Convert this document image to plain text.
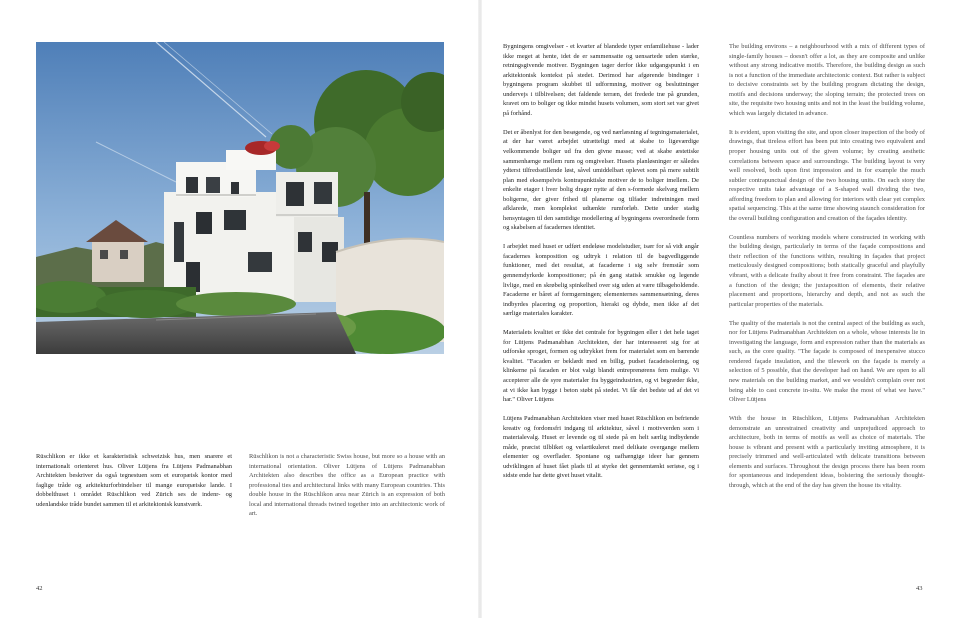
Rüschlikon er ikke et karakteristisk schweizisk hus, men snarere et internationalt orienteret hus. Oliver Lütjens fra Lütjens Padmanabhan Architekten beskriver da også tegnestuen som et europæisk kontor med faglige tråde og arkitekturforbindelser til mange europæiske lande. I dobbelthuset i området Rüschlikon ved Zürich ses de indenr- og udenlandske tråde bundet sammen til et arkitektonisk kunstværk.

Rüschlikon is not a characteristic Swiss house, but more so a house with an international orientation. Oliver Lütjens of Lütjens Padmanabhan Architekten also describes the office as a European practice with professional ties and architectural links with many European countries. This double house in the Rüschlikon area near Zürich is an expression of both local and international threads twined together into an architectonic work of art.

42

Bygningens omgivelser - et kvarter af blandede typer enfamiliehuse - lader ikke meget at hente, idet de er sammensatte og uensartede uden stærke, retningsgivende motiver. Bygningen tager derfor ikke udgangspunkt i en arkitektonisk kontekst på stedet. Derimod har afgørende bindinger i bygningens program skubbet til udformning, motiver og besluttninger undervejs i tilblivelsen; det faldende terræn, det fredede træ på grunden, kravet om to boliger og ikke mindst husets volumen, som stort set var givet på forhånd.

Det er åbenlyst for den besøgende, og ved nærlæsning af tegningsmaterialet, at der har været arbejdet utrætteligt med at skabe to ligeværdige velkommende boliger ud fra den givne masse; ved at skabe æstetiske sammenhænge mellem rum og omgivelser. Husets planløsninger er således ydterst tilfredsstillende løst, såvel umiddelbart oplevet som på mere subtilt plan med eksempelvis kontrapunktiske motiver de to boliger imellem. De enkelte etager i hver bolig drager nytte af den s-formede skelvæg mellem boligerne, der giver frihed til planerne og tilfader indretningen med afklarede, men komplekst udtænkte rumforløb. Dette under stadig hensyntagen til den samtidige modellering af bygningens overordnede form og skabelsen af facadernes identitet.

I arbejdet med huset er udført endeløse modelstudier, især for så vidt angår facadernes komposition og udtryk i relation til de bagvedliggende funktioner, med det resultat, at facaderne i sig selv fremstår som gennemdyrkede kompositioner; på én gang statisk smukke og legende livlige, med en skrøbelig spinkelhed over sig uden at være tilbageholdende. Facaderne er båret af formgerningen; elementernes sammensætning, deres indbyrdes placering og proportion, hieraki og dybde, men ikke af det særlige materiales karakter.

Materialets kvalitet er ikke det centrale for bygningen eller i det hele taget for Lütjens Padmanabhan Architekten, der har interesseret sig for at udforske sproget, formen og udtrykket frem for materialet som en bærende kvalitet. "Facaden er beklædt med en billig, pudset facadeisolering, og klinkerne på facaden er blot valgt blandt entreprenørens fem mulige. Vi accepterer alle de syre materialer fra byggeindustrien, og vi begræder ikke, at vi ikke kan bygge i beton støbt på stedet. Vi får det bedste ud af det vi har." Oliver Lütjens

Lütjens Padmanabhan Architekten viser med huset Rüschlikon en befriende kreativ og fordomsfri indgang til arkitektur, såvel i motivverden som i materialevalg. Huset er levende og til stede på en helt særlig indbydende måde, præcist tilbliket og velartikuleret med delikate overgange mellem elementer og overflader. Spontane og uafhængige ideer har gennem udviklingen af huset fået plads til at styrke det gennemtænkt seriøse, og i sidste ende har dette givet huset vitalit.

The building environs – a neighbourhood with a mix of different types of single-family houses – doesn't offer a lot, as they are composite and unlike without any strong indicative motifs. Therefore, the building design as such is not a function of the immediate architectonic context. But rather is subject to decisive constraints set by the building program dictating the design, motifs and decisions underway; the sloping terrain; the protected trees on site, the requisite two housing units and not in the least the building volume, which was largely dictated in advance.

It is evident, upon visiting the site, and upon closer inspection of the body of drawings, that tireless effort has been put into creating two equivalent and proper housing units out of the given volume; by creating aesthetic correlations between space and surroundings. The building layout is very well resolved, both upon first impression and in for example the much subtler contrapunctual design of the two housing units. On each story the respective units take advantage of a S-shaped wall dividing the two, affording freedom to plan and allowing for interiors with clear yet complex spatial sequencing. This at the same time showing staunch consideration for the overall building configuration and creation of the façades identity.

Countless numbers of working models where constructed in working with the building design, particularly in terms of the façade compositions and their reflection of the functions within, resulting in façades that project meticulously designed compositions; both statically graceful and playfully vibrant, with a delicate frailty about it free from constraint. The façades are a function of the design; the juxtaposition of elements, their relative placement and proportions, hierarchy and depth, and not as such the particular properties of the materials.

The quality of the materials is not the central aspect of the building as such, nor for Lütjens Padmanabhan Architekten on a whole, whose interests lie in investigating the language, form and expression rather than the materials as such, as the core quality. "The façade is composed of inexpensive stucco rendered façade insulation, and the tilework on the façade is merely a selection of 5 possible, that the developer had on hand. We are open to all new materials on the building market, and we wouldn't complain over not being able to cast concrete in-situ. We make the most of what we have." Oliver Lütjens

With the house in Rüschlikon, Lütjens Padmanabhan Architekten demonstrate an unrestrained creativity and unprejudiced approach to architecture, both in terms of motifs as well as choice of materials. The house is vibrant and present with a particularly inviting atmosphere, it is precisely trimmed and well-articulated with delicate transitions between elements and surfaces. Throughout the design process there has been room for spontaneous and independent ideas, bolstering the seriously thought-through, which at the end of the day has given the house its vitality.

43
